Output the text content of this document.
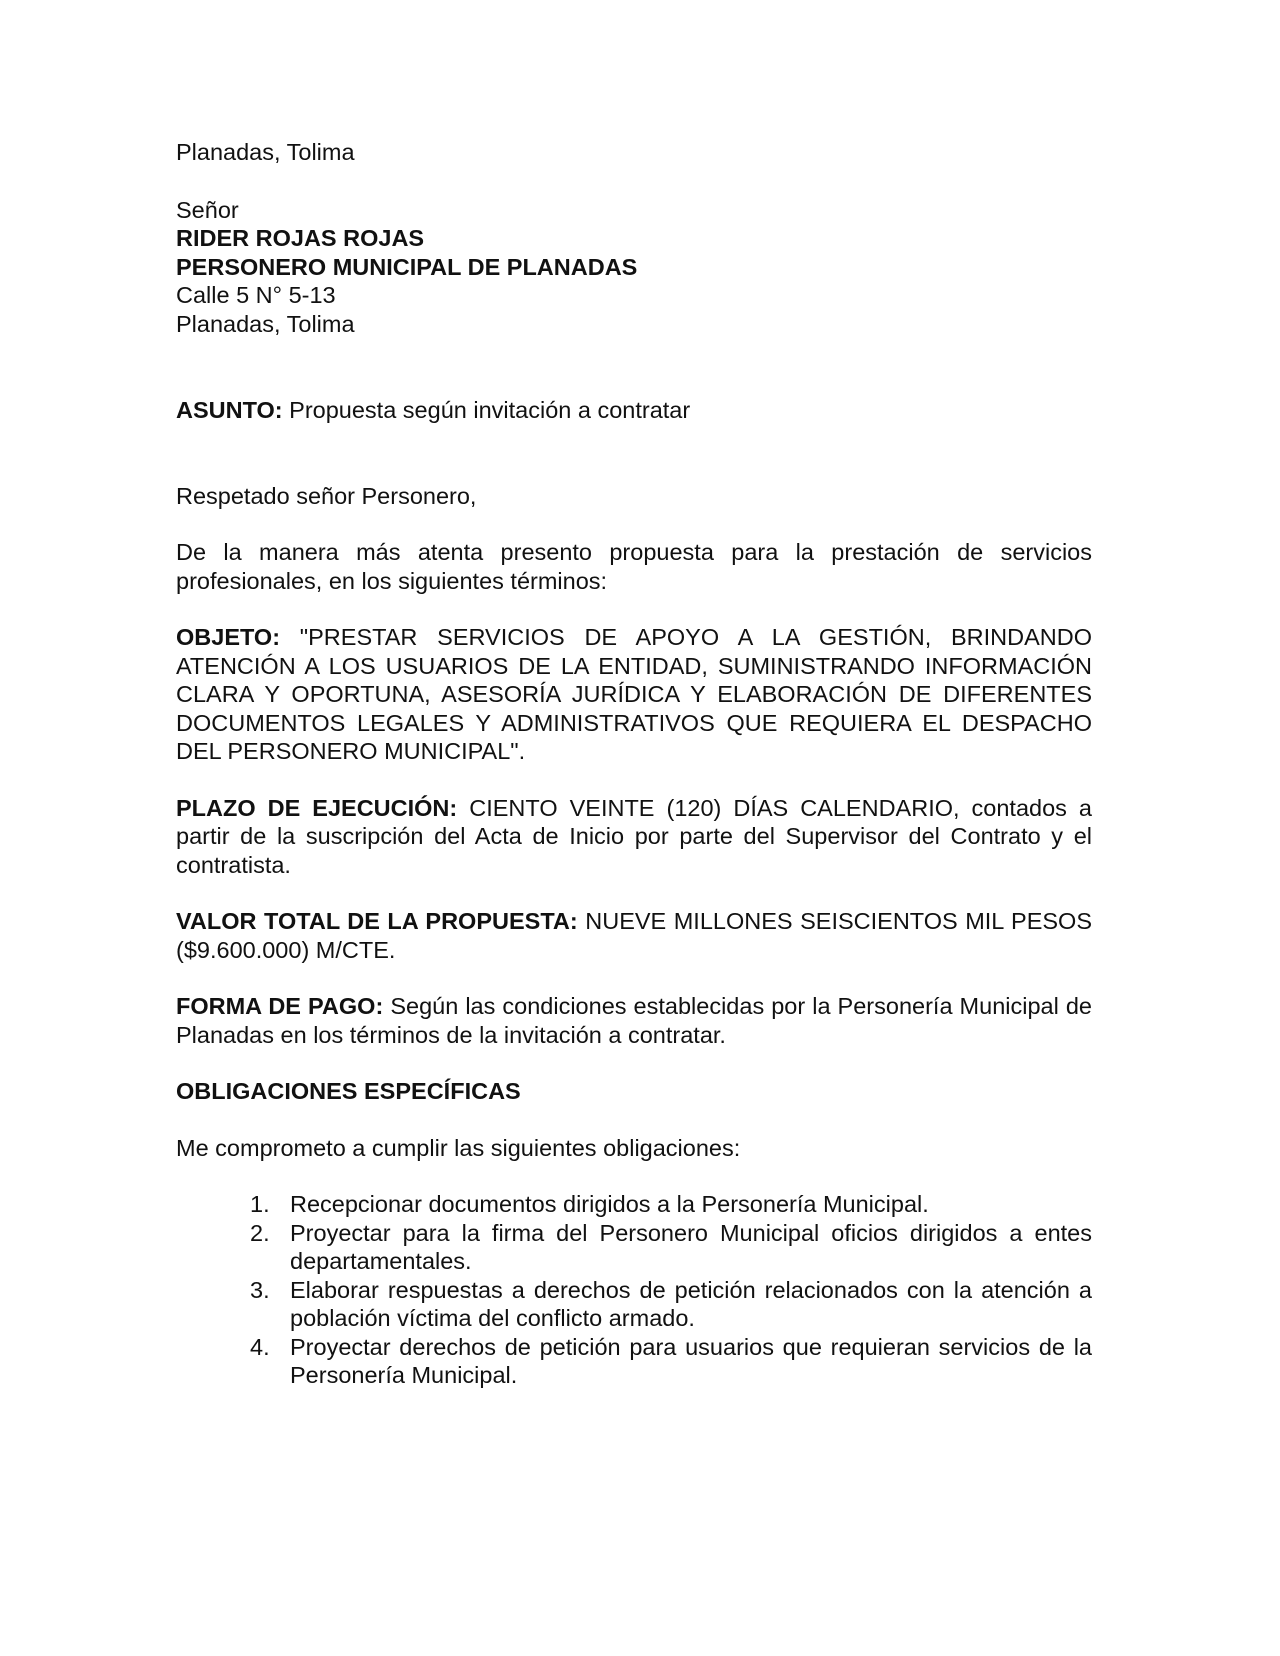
Planadas, Tolima

Señor

RIDER ROJAS ROJAS

PERSONERO MUNICIPAL DE PLANADAS

Calle 5 N° 5-13

Planadas, Tolima

ASUNTO: Propuesta según invitación a contratar

Respetado señor Personero,

De la manera más atenta presento propuesta para la prestación de servicios profesionales, en los siguientes términos:

OBJETO: "PRESTAR SERVICIOS DE APOYO A LA GESTIÓN, BRINDANDO ATENCIÓN A LOS USUARIOS DE LA ENTIDAD, SUMINISTRANDO INFORMACIÓN CLARA Y OPORTUNA, ASESORÍA JURÍDICA Y ELABORACIÓN DE DIFERENTES DOCUMENTOS LEGALES Y ADMINISTRATIVOS QUE REQUIERA EL DESPACHO DEL PERSONERO MUNICIPAL".

PLAZO DE EJECUCIÓN: CIENTO VEINTE (120) DÍAS CALENDARIO, contados a partir de la suscripción del Acta de Inicio por parte del Supervisor del Contrato y el contratista.

VALOR TOTAL DE LA PROPUESTA: NUEVE MILLONES SEISCIENTOS MIL PESOS ($9.600.000) M/CTE.

FORMA DE PAGO: Según las condiciones establecidas por la Personería Municipal de Planadas en los términos de la invitación a contratar.

OBLIGACIONES ESPECÍFICAS

Me comprometo a cumplir las siguientes obligaciones:

1. Recepcionar documentos dirigidos a la Personería Municipal.
2. Proyectar para la firma del Personero Municipal oficios dirigidos a entes departamentales.
3. Elaborar respuestas a derechos de petición relacionados con la atención a población víctima del conflicto armado.
4. Proyectar derechos de petición para usuarios que requieran servicios de la Personería Municipal.
